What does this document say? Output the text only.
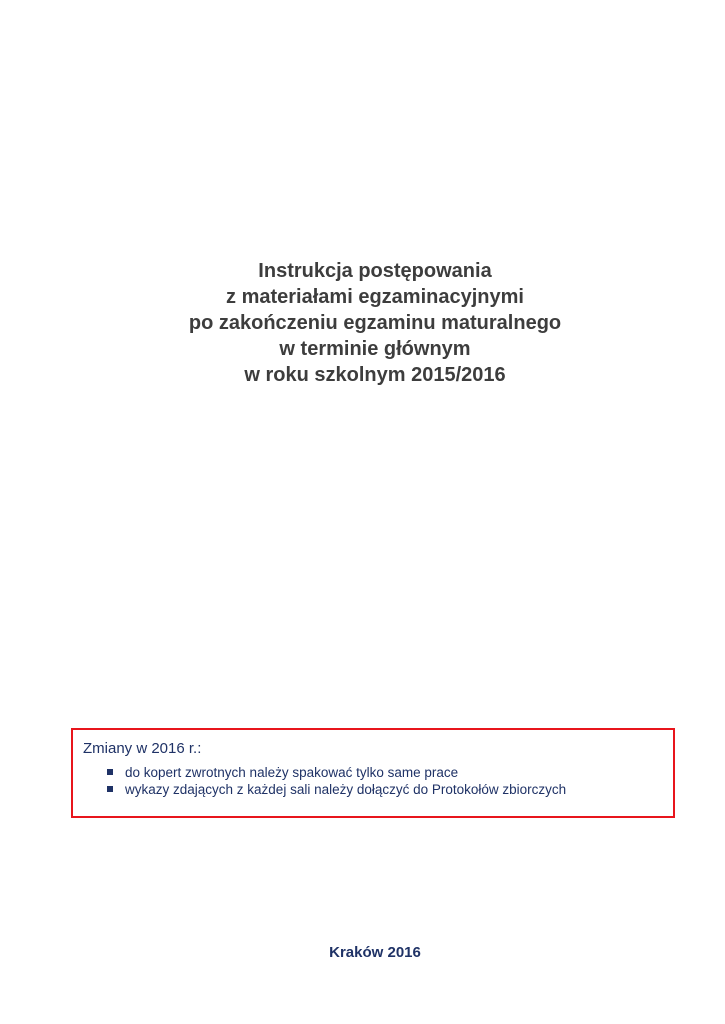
Instrukcja postępowania
z materiałami egzaminacyjnymi
po zakończeniu egzaminu maturalnego
w terminie głównym
w roku szkolnym 2015/2016
Zmiany w 2016 r.:
do kopert zwrotnych należy spakować tylko same prace
wykazy zdających z każdej sali należy dołączyć do Protokołów zbiorczych
Kraków 2016
